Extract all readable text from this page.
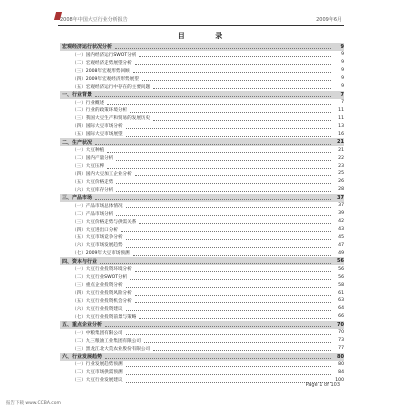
2008年中国大豆行业分析报告	2009年6月
目 录
宏观经济运行状况分析	9
（一）国内经济运行SWOT分析	9
（二）宏观经济走势展望分析	9
（三）2008年宏观形势回顾	9
（四）2009年宏观经济形势展望	9
（五）宏观经济运行中存在的主要问题	9
一、行业背景	7
（一）行业概述	7
（二）行业的政策环境分析	11
（三）我国大豆生产和贸易的发展历史	11
（四）国际大豆市场分析	13
（五）国际大豆市场展望	16
二、生产状况	21
（一）大豆种植	21
（二）国内产量分析	22
（三）大豆压榨	23
（四）国内大豆加工企业分析	25
（五）大豆价格走势	26
（六）大豆库存分析	28
三、产品市场	37
（一）产品市场总体情况	37
（二）产品市场分析	39
（三）大豆价格走势与供需关系	42
（四）大豆进出口分析	43
（五）大豆市场竞争分析	45
（六）大豆市场发展趋势	47
（七）2009年大豆市场预测	49
四、资本与行业	56
（一）大豆行业投资环境分析	56
（二）大豆行业SWOT分析	56
（三）重点企业投资分析	58
（四）大豆行业投资风险分析	61
（五）大豆行业投资机会分析	63
（六）大豆行业投资建议	64
（七）大豆行业投资前景与策略	66
五、重点企业分析	70
（一）中粮集团有限公司	70
（二）九三粮油工业集团有限公司	73
（三）黑龙江北大荒农业股份有限公司	77
六、行业发展趋势	80
（一）行业发展趋势预测	80
（二）大豆市场供需预测	84
（三）大豆行业发展建议	100
Page 1 of 103
报告下载 www.CCBA.com
